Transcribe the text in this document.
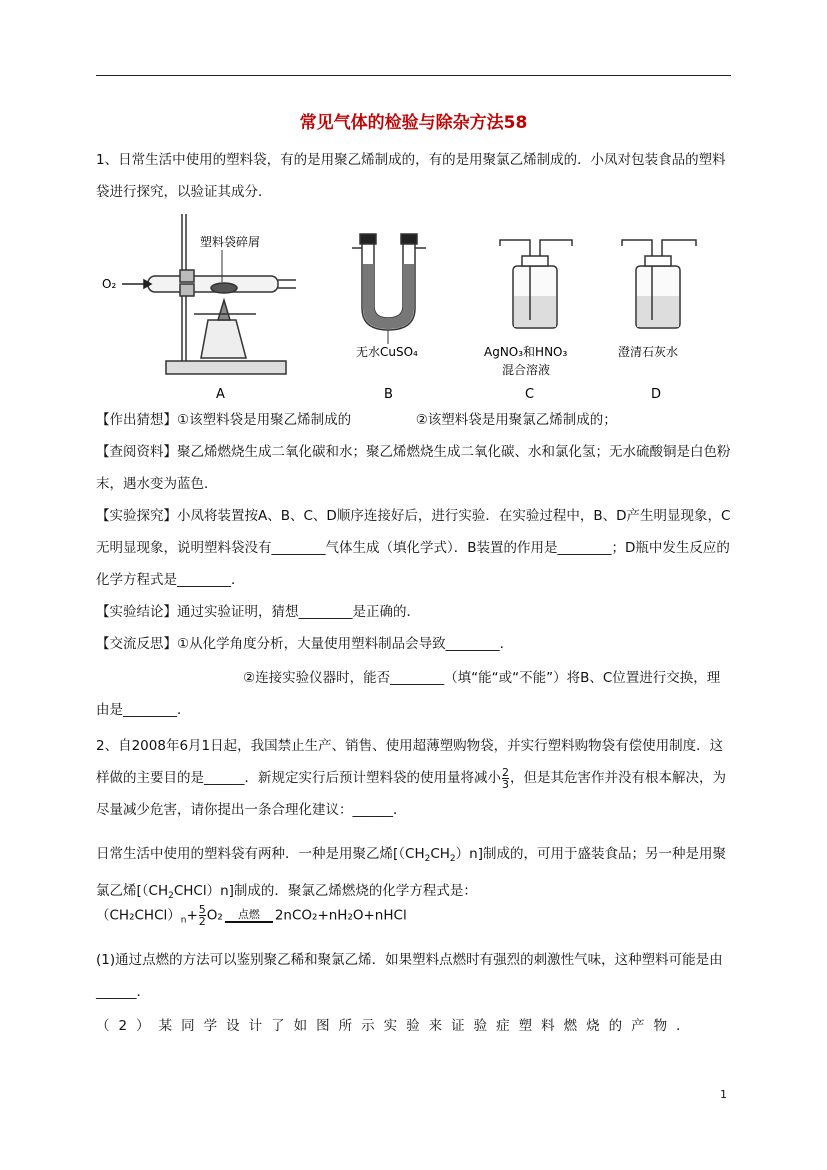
常见气体的检验与除杂方法58

1、日常生活中使用的塑料袋，有的是用聚乙烯制成的，有的是用聚氯乙烯制成的．小凤对包装食品的塑料袋进行探究，以验证其成分．

O₂
塑料袋碎屑
无水CuSO₄	AgNO₃和HNO₃
混合溶液
澄清石灰水
A	B	C	D
【作出猜想】①该塑料袋是用聚乙烯制成的	②该塑料袋是用聚氯乙烯制成的；

【查阅资料】聚乙烯燃烧生成二氧化碳和水；聚乙烯燃烧生成二氧化碳、水和氯化氢；无水硫酸铜是白色粉末，遇水变为蓝色．

【实验探究】小凤将装置按A、B、C、D顺序连接好后，进行实验．在实验过程中，B、D产生明显现象，C无明显现象，说明塑料袋没有________气体生成（填化学式）．B装置的作用是________；D瓶中发生反应的化学方程式是________．

【实验结论】通过实验证明，猜想________是正确的．

【交流反思】①从化学角度分析，大量使用塑料制品会导致________．

②连接实验仪器时，能否________（填“能“或“不能”）将B、C位置进行交换，理由是________．

2、自2008年6月1日起，我国禁止生产、销售、使用超薄塑购物袋，并实行塑料购物袋有偿使用制度．这样做的主要目的是______．新规定实行后预计塑料袋的使用量将减小 $\frac{2}{3}$ ，但是其危害作并没有根本解决，为尽量减少危害，请你提出一条合理化建议：______．

日常生活中使用的塑料袋有两种．一种是用聚乙烯$[(CH_2CH_2)n]$制成的，可用于盛装食品；另一种是用聚氯乙烯$[(CH_2CHCl)n]$制成的．聚氯乙烯燃烧的化学方程式是：

$(CH_2CHCl)_n+ \frac{5}{2} O_2$	点燃	2nCO₂+nH₂O+nHCl

(1)通过点燃的方法可以鉴别聚乙稀和聚氯乙烯．如果塑料点燃时有强烈的刺激性气味，这种塑料可能是由______．

（2）某同学设计了如图所示实验来证验症塑料燃烧的产物．

1
